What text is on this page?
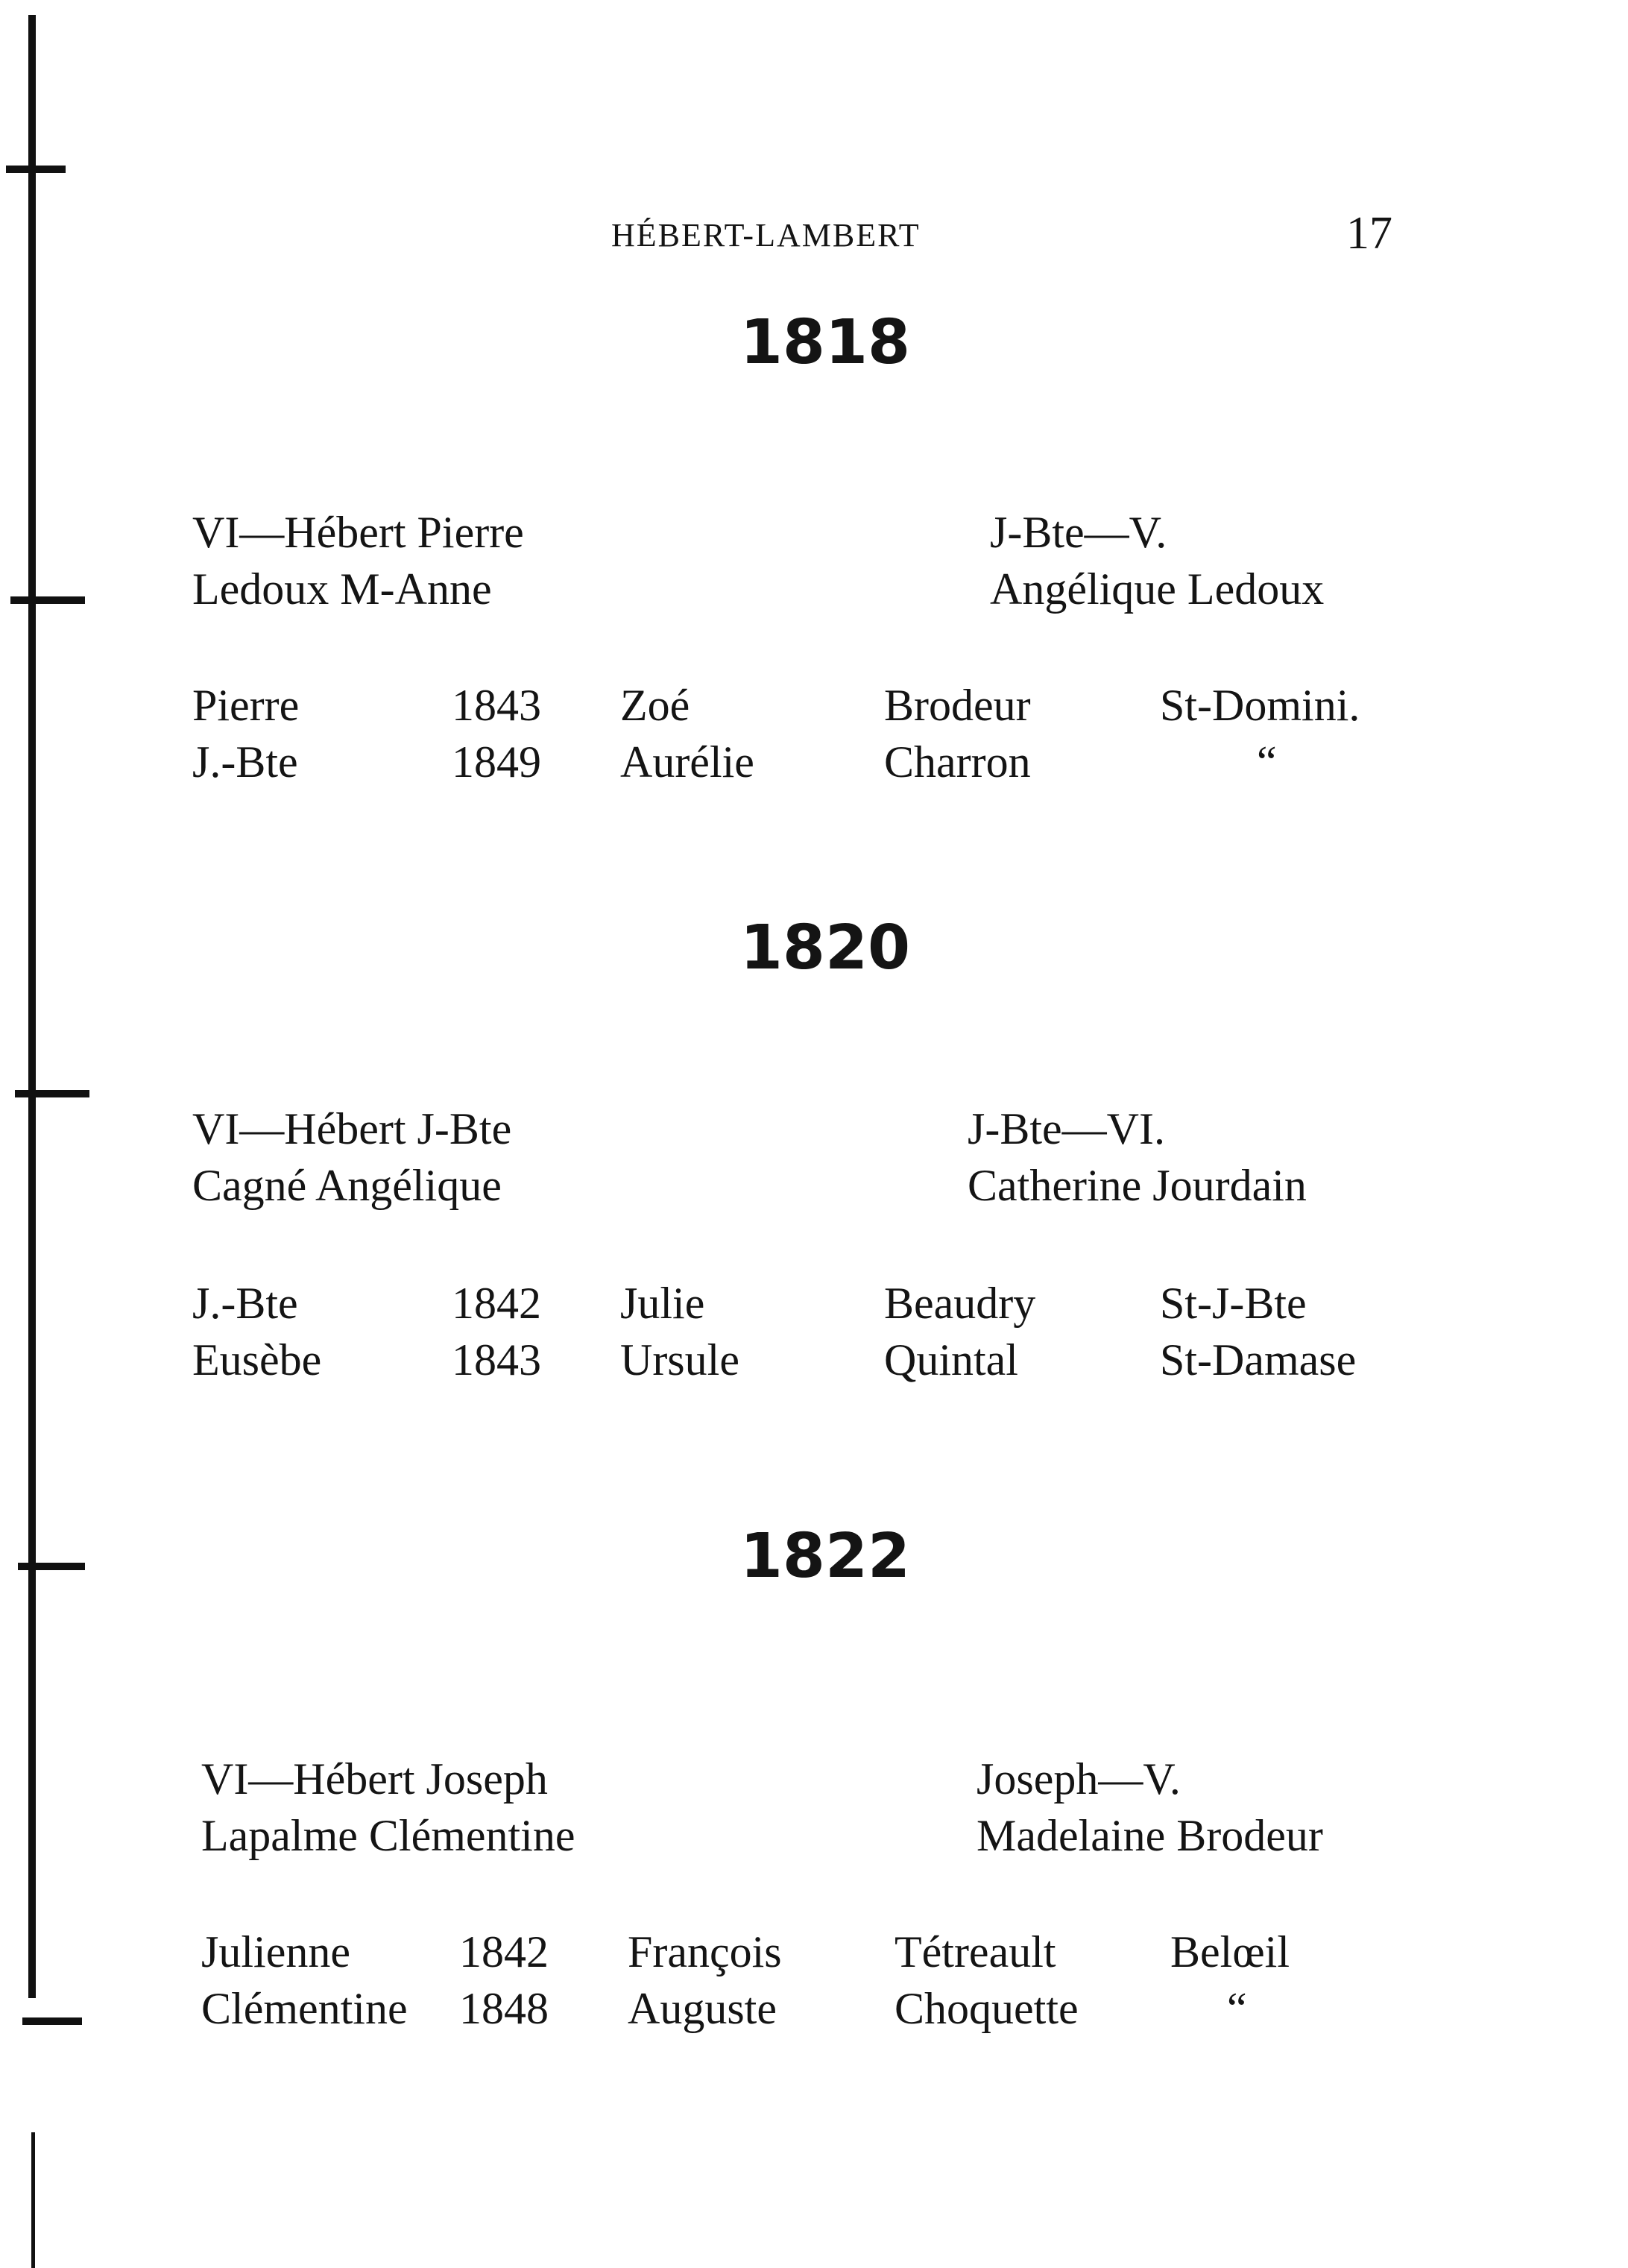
HÉBERT-LAMBERT	17
1818
VI—Hébert Pierre
Ledoux M-Anne
J-Bte—V.
Angélique Ledoux
Pierre	1843 Zoé	Brodeur	St-Domini.
J.-Bte	1849 Aurélie	Charron	“
1820
VI—Hébert J-Bte
Cagné Angélique
J-Bte—VI.
Catherine Jourdain
J.-Bte	1842 Julie	Beaudry	St-J-Bte
Eusèbe	1843 Ursule	Quintal	St-Damase
1822
VI—Hébert Joseph
Lapalme Clémentine
Joseph—V.
Madelaine Brodeur
Julienne 1842 François	Tétreault	Belœil
Clémentine 1848 Auguste	Choquette	“
